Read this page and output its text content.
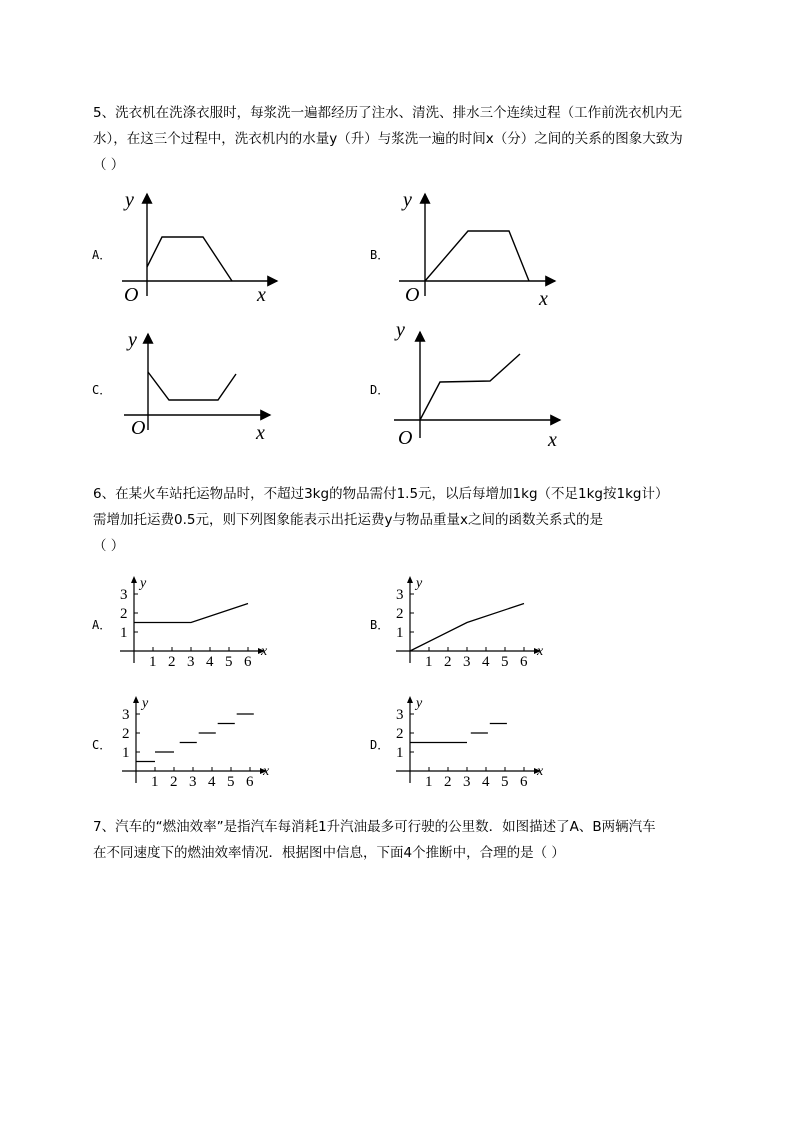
5、洗衣机在洗涤衣服时，每浆洗一遍都经历了注水、清洗、排水三个连续过程（工作前洗衣机内无
水），在这三个过程中，洗衣机内的水量y（升）与浆洗一遍的时间x（分）之间的关系的图象大致为
（ ）
A．
y
x
O
B．
y
x
O
C．
y
x
O
D．
y
x
O
6、在某火车站托运物品时，不超过3kg的物品需付1.5元，以后每增加1kg（不足1kg按1kg计）
需增加托运费0.5元，则下列图象能表示出托运费y与物品重量x之间的函数关系式的是
（ ）
A．
y
x
1 2 3 4 5 6
1
2
3
B．
y
x
1 2 3 4 5 6
1
2
3
C．
y
x
1 2 3 4 5 6
1
2
3
D．
y
x
1 2 3 4 5 6
1
2
3
7、汽车的“燃油效率”是指汽车每消耗1升汽油最多可行驶的公里数．如图描述了A、B两辆汽车
在不同速度下的燃油效率情况．根据图中信息，下面4个推断中，合理的是（ ）
